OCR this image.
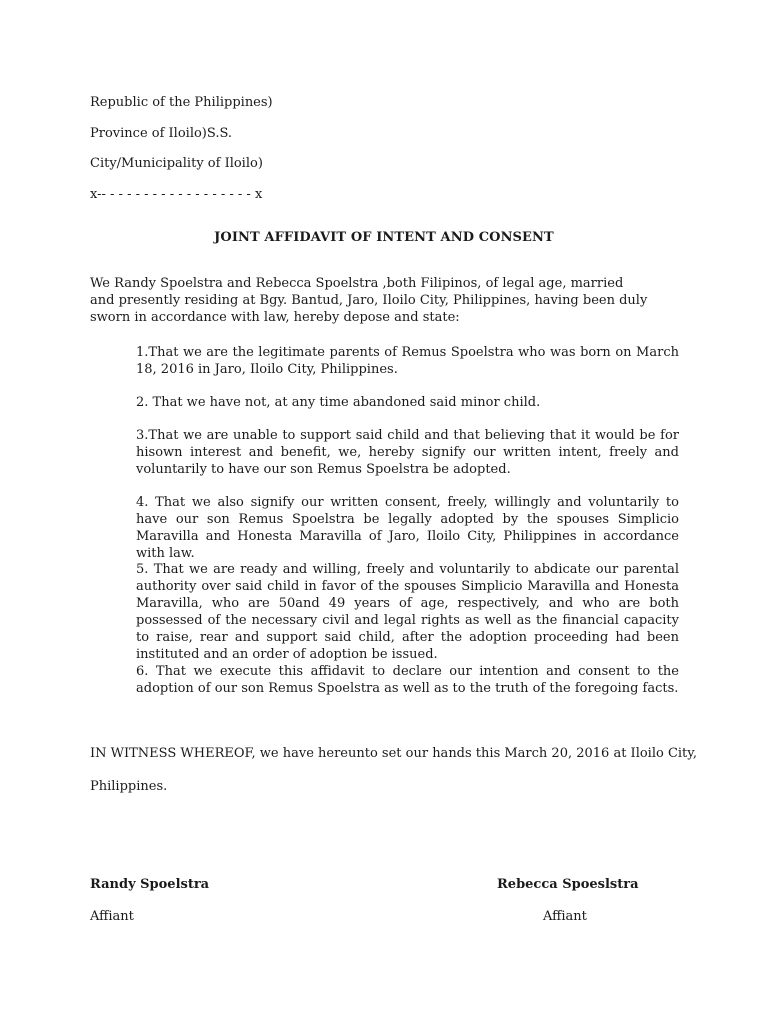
Republic of the Philippines)
Province of Iloilo)S.S.
City/Municipality of Iloilo)
x-- - - - - - - - - - - - - - - - - - x
JOINT AFFIDAVIT OF INTENT AND CONSENT
We Randy Spoelstra and Rebecca Spoelstra ,both Filipinos, of legal age, married and presently residing at Bgy. Bantud, Jaro, Iloilo City, Philippines, having been duly sworn in accordance with law, hereby depose and state:
1.That we are the legitimate parents of Remus Spoelstra who was born on March 18, 2016 in Jaro, Iloilo City, Philippines.
2. That we have not, at any time abandoned said minor child.
3.That we are unable to support said child and that believing that it would be for hisown interest and benefit, we, hereby signify our written intent, freely and voluntarily to have our son Remus Spoelstra be adopted.
4. That we also signify our written consent, freely, willingly and voluntarily to have our son Remus Spoelstra be legally adopted by the spouses Simplicio Maravilla and Honesta Maravilla of Jaro, Iloilo City, Philippines in accordance with law.
5. That we are ready and willing, freely and voluntarily to abdicate our parental authority over said child in favor of the spouses Simplicio Maravilla and Honesta Maravilla, who are 50and 49 years of age, respectively, and who are both possessed of the necessary civil and legal rights as well as the financial capacity to raise, rear and support said child, after the adoption proceeding had been instituted and an order of adoption be issued.
6. That we execute this affidavit to declare our intention and consent to the adoption of our son Remus Spoelstra as well as to the truth of the foregoing facts.
IN WITNESS WHEREOF, we have hereunto set our hands this March 20, 2016 at Iloilo City,
Philippines.
Randy Spoelstra
Affiant
Rebecca Spoeslstra
Affiant
